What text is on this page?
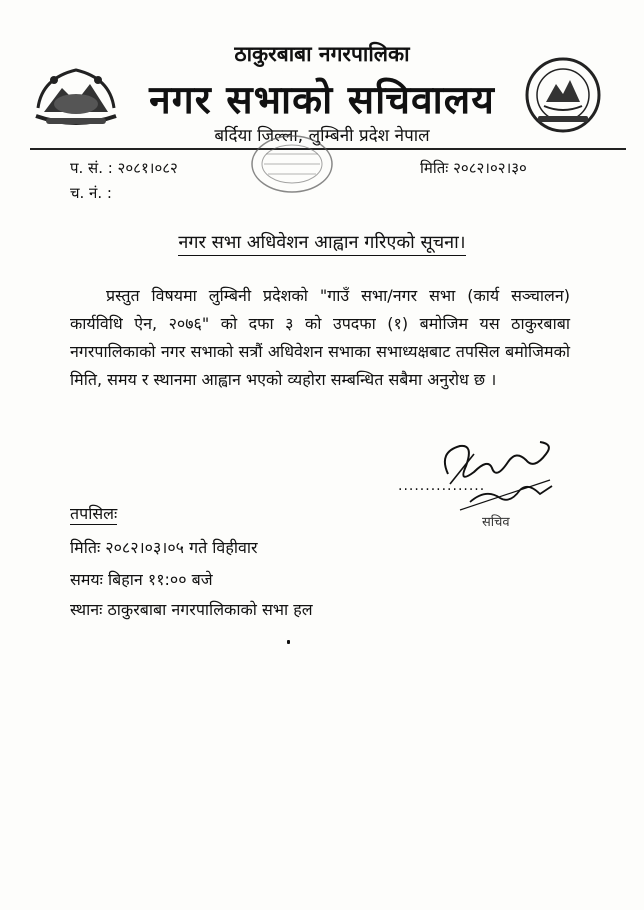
ठाकुरबाबा नगरपालिका
नगर सभाको सचिवालय
बर्दिया जिल्ला, लुम्बिनी प्रदेश नेपाल
प. सं. : २०८१।०८२
च. नं. :
मितिः २०८२।०२।३०
नगर सभा अधिवेशन आह्वान गरिएको सूचना।
प्रस्तुत विषयमा लुम्बिनी प्रदेशको "गाउँ सभा/नगर सभा (कार्य सञ्चालन) कार्यविधि ऐन, २०७६" को दफा ३ को उपदफा (१) बमोजिम यस ठाकुरबाबा नगरपालिकाको नगर सभाको सत्रौं अधिवेशन सभाका सभाध्यक्षबाट तपसिल बमोजिमको मिति, समय र स्थानमा आह्वान भएको व्यहोरा सम्बन्धित सबैमा अनुरोध छ ।
................
सचिव
तपसिलः
मितिः २०८२।०३।०५ गते विहीवार
समयः बिहान ११:०० बजे
स्थानः ठाकुरबाबा नगरपालिकाको सभा हल
